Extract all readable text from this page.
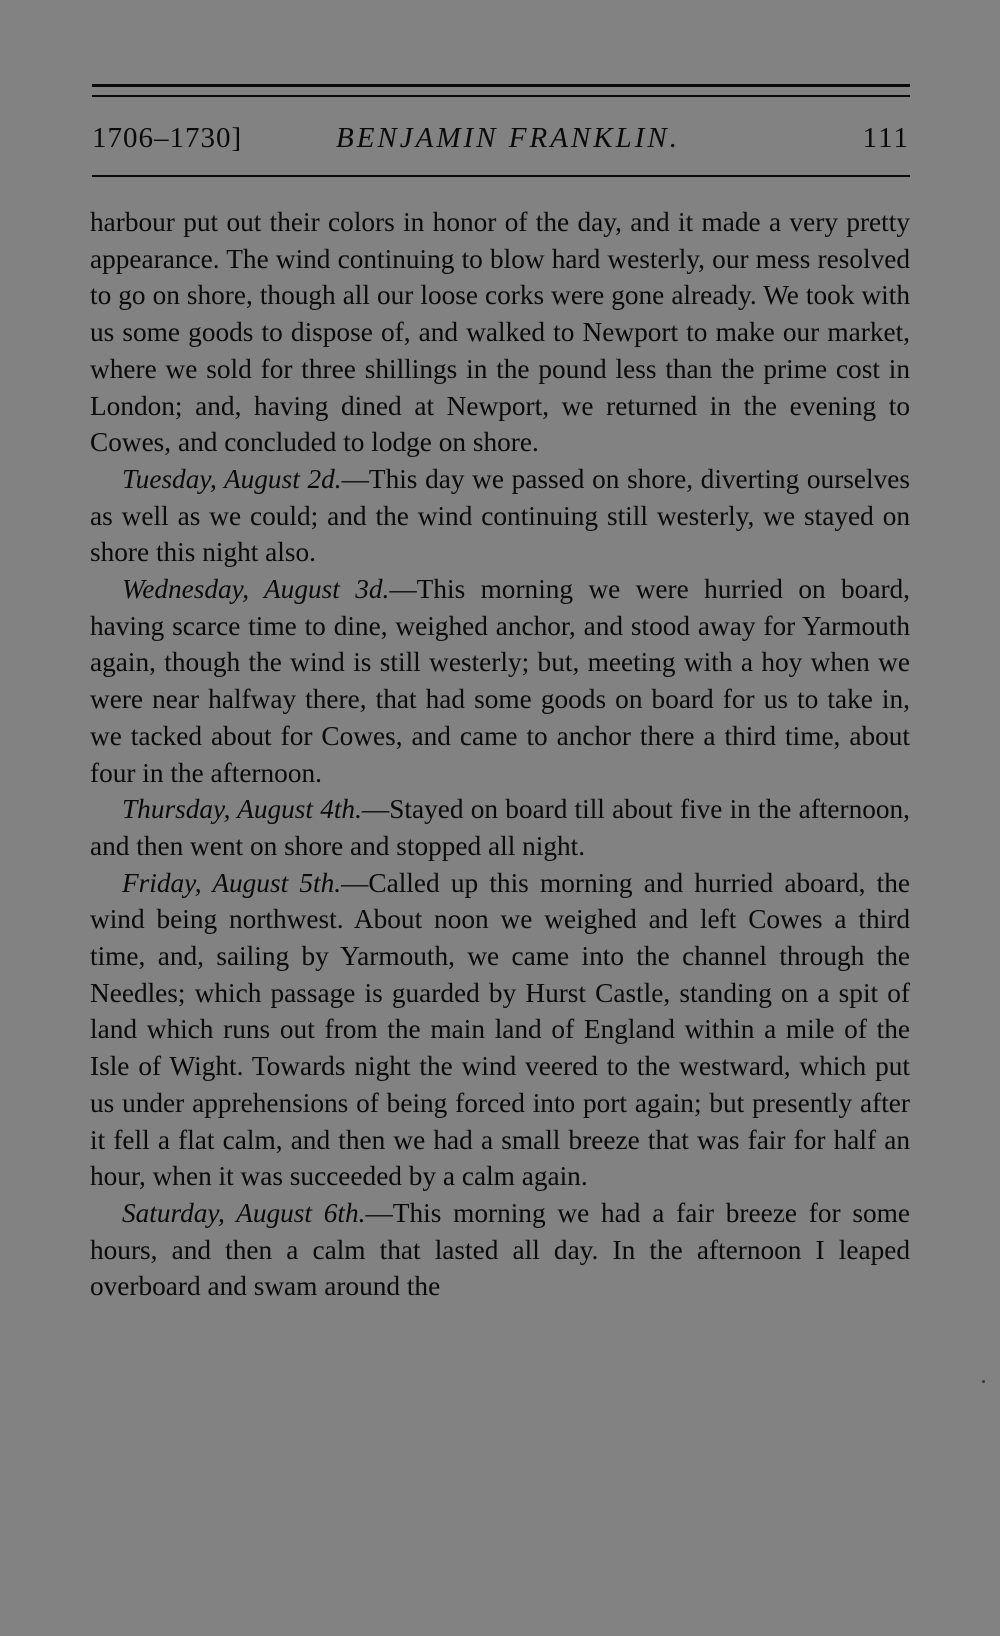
1706–1730]	BENJAMIN FRANKLIN.	111

harbour put out their colors in honor of the day, and it made a very pretty appearance. The wind continuing to blow hard westerly, our mess resolved to go on shore, though all our loose corks were gone already. We took with us some goods to dispose of, and walked to Newport to make our market, where we sold for three shillings in the pound less than the prime cost in London; and, having dined at Newport, we returned in the evening to Cowes, and concluded to lodge on shore.

Tuesday, August 2d.—This day we passed on shore, diverting ourselves as well as we could; and the wind continuing still westerly, we stayed on shore this night also.

Wednesday, August 3d.—This morning we were hurried on board, having scarce time to dine, weighed anchor, and stood away for Yarmouth again, though the wind is still westerly; but, meeting with a hoy when we were near halfway there, that had some goods on board for us to take in, we tacked about for Cowes, and came to anchor there a third time, about four in the afternoon.

Thursday, August 4th.—Stayed on board till about five in the afternoon, and then went on shore and stopped all night.

Friday, August 5th.—Called up this morning and hurried aboard, the wind being northwest. About noon we weighed and left Cowes a third time, and, sailing by Yarmouth, we came into the channel through the Needles; which passage is guarded by Hurst Castle, standing on a spit of land which runs out from the main land of England within a mile of the Isle of Wight. Towards night the wind veered to the westward, which put us under apprehensions of being forced into port again; but presently after it fell a flat calm, and then we had a small breeze that was fair for half an hour, when it was succeeded by a calm again.

Saturday, August 6th.—This morning we had a fair breeze for some hours, and then a calm that lasted all day. In the afternoon I leaped overboard and swam around the
